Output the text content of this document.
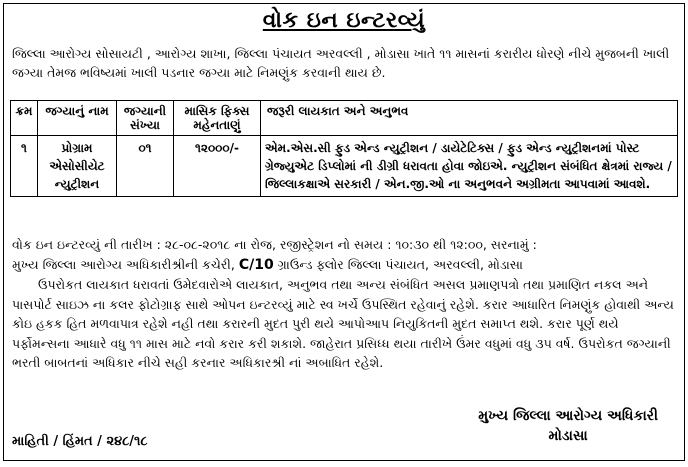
વોક ઇન ઇન્ટરવ્યું
જિલ્લા આરોગ્ય સોસાયટી , આરોગ્ય શાખા, જિલ્લા પંચાયત અરવલ્લી , મોડાસા ખાતે ૧૧ માસનાં કરારીય ધોરણે નીચે મુજબની ખાલી જગ્યા તેમજ ભવિષ્યમાં ખાલી પડનાર જગ્યા માટે નિમણુંક કરવાની થાય છે.
ક્રમ	જગ્યાનું નામ	જગ્યાની સંખ્યા	માસિક ફિક્સ મહેનતાણું	જરૂરી લાયકાત અને અનુભવ
૧	પ્રોગ્રામ એસોસીયેટ ન્યુટ્રીશન	૦૧	૧૨૦૦૦/-	એમ.એસ.સી ફુડ એન્ડ ન્યુટ્રીશન / ડાયેટેટિક્સ / ફુડ એન્ડ ન્યુટ્રીશનમાં પોસ્ટ ગ્રેજ્યુએટ ડિપ્લોમાં ની ડીગ્રી ધરાવતા હોવા જોઇએ. ન્યુટ્રીશન સંબંધિત ક્ષેત્રમાં રાજ્ય / જિલ્લાકક્ષાએ સરકારી / એન.જી.ઓ ના અનુભવને અગ્રીમતા આપવામાં આવશે.

વોક ઇન ઇન્ટરવ્યું ની તારીખ : ૨૮-૦૮-૨૦૧૮ ના રોજ, રજીસ્ટ્રેશન નો સમય : ૧૦:૩૦ થી ૧૨:૦૦, સરનામું :

મુખ્ય જિલ્લા આરોગ્ય અધિકારીશ્રીની કચેરી, C/10 ગ્રાઉન્ડ ફ્લોર જિલ્લા પંચાયત, અરવલ્લી, મોડાસા

ઉપરોકત લાયકાત ધરાવતાં ઉમેદવારોએ લાયકાત, અનુભવ તથા અન્ય સંબંધિત અસલ પ્રમાણપત્રો તથા પ્રમાણિત નકલ અને પાસપોર્ટ સાઇઝ ના કલર ફોટોગ્રાફ સાથે ઓપન ઇન્ટરવ્યું માટે સ્વ ખર્ચે ઉપસ્થિત રહેવાનું રહેશે. કરાર આધારિત નિમણુંક હોવાથી અન્ય કોઇ હકક હિત મળવાપાત્ર રહેશે નહી તથા કરારની મુદત પુરી થયે આપોઆપ નિયુકિતની મુદત સમાપ્ત થશે. કરાર પૂર્ણ થયે પર્ફોમન્સના આધારે વધુ ૧૧ માસ માટે નવો કરાર કરી શકાશે. જાહેરાત પ્રસિધ્ધ થયા તારીખે ઉંમર વધુમાં વધુ ૩૫ વર્ષ. ઉપરોકત જગ્યાની ભરતી બાબતનાં અધિકાર નીચે સહી કરનાર અધિકારશ્રી નાં અબાધિત રહેશે.

મુખ્ય જિલ્લા આરોગ્ય અધિકારી
મોડાસા
માહિતી / હિંમત / ૨૪૮/૧૮
